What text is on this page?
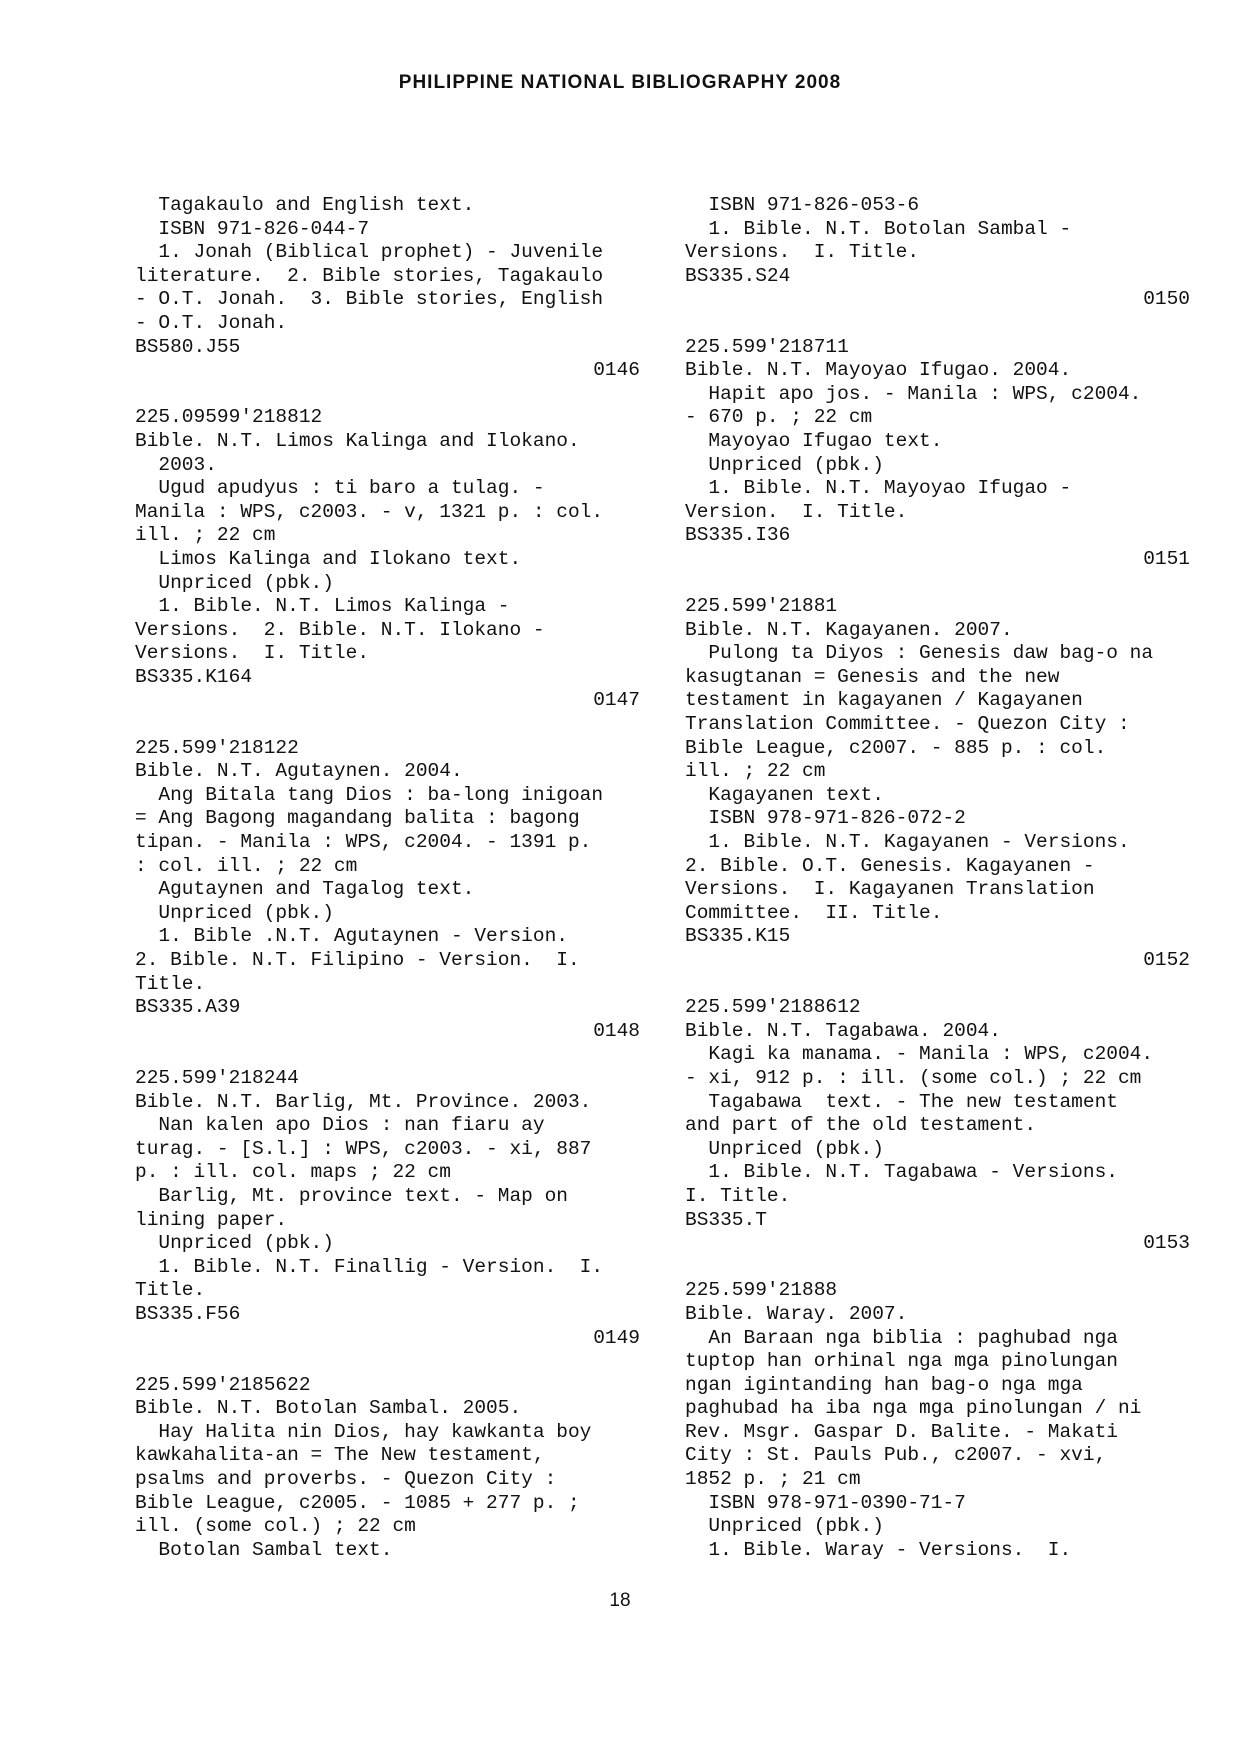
PHILIPPINE NATIONAL BIBLIOGRAPHY 2008
Tagakaulo and English text.
ISBN 971-826-044-7
1. Jonah (Biblical prophet) - Juvenile
literature.  2. Bible stories, Tagakaulo
- O.T. Jonah.  3. Bible stories, English
- O.T. Jonah.
BS580.J55
0146
225.09599'218812
Bible. N.T. Limos Kalinga and Ilokano.
2003.
Ugud apudyus : ti baro a tulag. -
Manila : WPS, c2003. - v, 1321 p. : col.
ill. ; 22 cm
Limos Kalinga and Ilokano text.
Unpriced (pbk.)
1. Bible. N.T. Limos Kalinga -
Versions.  2. Bible. N.T. Ilokano -
Versions.  I. Title.
BS335.K164
0147
225.599'218122
Bible. N.T. Agutaynen. 2004.
Ang Bitala tang Dios : ba-long inigoan
= Ang Bagong magandang balita : bagong
tipan. - Manila : WPS, c2004. - 1391 p.
: col. ill. ; 22 cm
Agutaynen and Tagalog text.
Unpriced (pbk.)
1. Bible .N.T. Agutaynen - Version.
2. Bible. N.T. Filipino - Version.  I.
Title.
BS335.A39
0148
225.599'218244
Bible. N.T. Barlig, Mt. Province. 2003.
Nan kalen apo Dios : nan fiaru ay
turag. - [S.l.] : WPS, c2003. - xi, 887
p. : ill. col. maps ; 22 cm
Barlig, Mt. province text. - Map on
lining paper.
Unpriced (pbk.)
1. Bible. N.T. Finallig - Version.  I.
Title.
BS335.F56
0149
225.599'2185622
Bible. N.T. Botolan Sambal. 2005.
Hay Halita nin Dios, hay kawkanta boy
kawkahalita-an = The New testament,
psalms and proverbs. - Quezon City :
Bible League, c2005. - 1085 + 277 p. ;
ill. (some col.) ; 22 cm
Botolan Sambal text.
ISBN 971-826-053-6
1. Bible. N.T. Botolan Sambal -
Versions.  I. Title.
BS335.S24
0150
225.599'218711
Bible. N.T. Mayoyao Ifugao. 2004.
Hapit apo jos. - Manila : WPS, c2004.
- 670 p. ; 22 cm
Mayoyao Ifugao text.
Unpriced (pbk.)
1. Bible. N.T. Mayoyao Ifugao -
Version.  I. Title.
BS335.I36
0151
225.599'21881
Bible. N.T. Kagayanen. 2007.
Pulong ta Diyos : Genesis daw bag-o na
kasugtanan = Genesis and the new
testament in kagayanen / Kagayanen
Translation Committee. - Quezon City :
Bible League, c2007. - 885 p. : col.
ill. ; 22 cm
Kagayanen text.
ISBN 978-971-826-072-2
1. Bible. N.T. Kagayanen - Versions.
2. Bible. O.T. Genesis. Kagayanen -
Versions.  I. Kagayanen Translation
Committee.  II. Title.
BS335.K15
0152
225.599'2188612
Bible. N.T. Tagabawa. 2004.
Kagi ka manama. - Manila : WPS, c2004.
- xi, 912 p. : ill. (some col.) ; 22 cm
Tagabawa  text. - The new testament
and part of the old testament.
Unpriced (pbk.)
1. Bible. N.T. Tagabawa - Versions.
I. Title.
BS335.T
0153
225.599'21888
Bible. Waray. 2007.
An Baraan nga biblia : paghubad nga
tuptop han orhinal nga mga pinolungan
ngan igintanding han bag-o nga mga
paghubad ha iba nga mga pinolungan / ni
Rev. Msgr. Gaspar D. Balite. - Makati
City : St. Pauls Pub., c2007. - xvi,
1852 p. ; 21 cm
ISBN 978-971-0390-71-7
Unpriced (pbk.)
1. Bible. Waray - Versions.  I.
18
